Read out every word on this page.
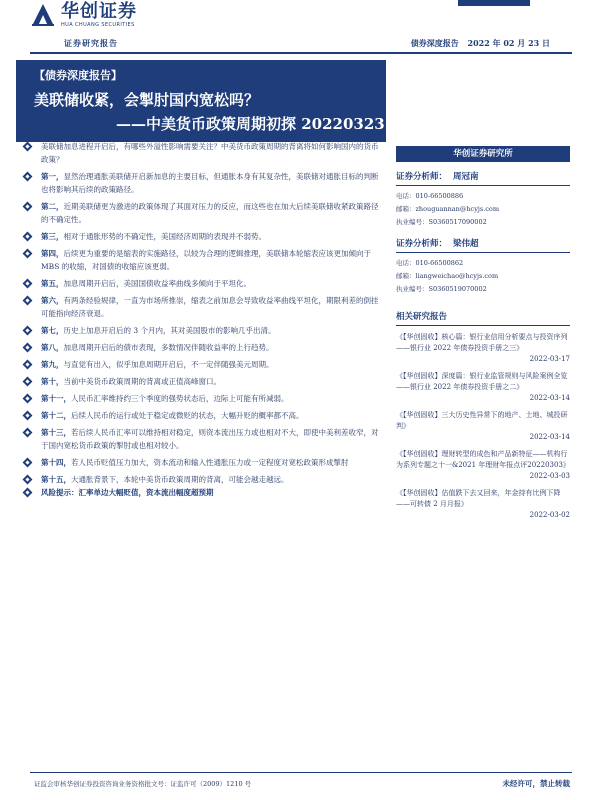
华创证券
HUA CHUANG SECURITIES
证券研究报告	债券深度报告 2022 年 02 月 23 日
【债券深度报告】
美联储收紧，会掣肘国内宽松吗？
——中美货币政策周期初探 20220323
美联储加息进程开启后，有哪些外溢性影响需要关注？中美货币政策周期的背离将如何影响国内的货币政策？
第一，显然治理通胀美联储开启新加息的主要目标，但通胀本身有其复杂性，美联储对通胀目标的判断也将影响其后续的政策路径。
第二，近期美联储更为激进的政策体现了其面对压力的反应，而这些也在加大后续美联储收紧政策路径的不确定性。
第三，相对于通胀形势的不确定性，美国经济周期的表现并不弱势。
第四，后续更为重要的是缩表的实施路径，以较为合理的逻辑推理，美联储本轮缩表应该更加倾向于 MBS 的收缩，对国债的收缩应该更弱。
第五，加息周期开启后，美国国债收益率曲线多倾向于平坦化。
第六，有两条经验规律，一直为市场所推崇，缩表之前加息会导致收益率曲线平坦化，期限利差的倒挂可能指向经济衰退。
第七，历史上加息开启后的 3 个月内，其对美国股市的影响几乎出清。
第八，加息周期开启后的债市表现，多数情况伴随收益率的上行趋势。
第九，与直觉有出入，似乎加息周期开启后，不一定伴随强美元周期。
第十，当前中美货币政策周期的背离或正值高峰窗口。
第十一，人民币汇率维持约三个季度的强势状态后，边际上可能有所减弱。
第十二，后续人民币的运行或处于稳定或微贬的状态，大幅升贬的概率都不高。
第十三，若后续人民币汇率可以维持相对稳定，则资本流出压力或也相对不大，即使中美利差收窄，对于国内宽松货币政策的掣肘或也相对较小。
第十四，若人民币贬值压力加大，资本流动和输入性通胀压力或一定程度对宽松政策形成掣肘
第十五，大通胀背景下，本轮中美货币政策周期的背离，可能会越走越远。
风险提示：汇率单边大幅贬值，资本流出幅度超预期
华创证券研究所
证券分析师： 周冠南
电话：010-66500886
邮箱：zhouguannan@hcyjs.com
执业编号：S0360517090002
证券分析师： 梁伟超
电话：010-66500862
邮箱：liangweichao@hcyjs.com
执业编号：S0360519070002
相关研究报告
《【华创固收】核心篇：银行业信用分析要点与投资序列——银行业 2022 年债券投资手册之三》
2022-03-17
《【华创固收】深度篇：银行业监管规则与风险案例全览——银行业 2022 年债券投资手册之二》
2022-03-14
《【华创固收】三大历史性异常下的地产、土地、城投研判》
2022-03-14
《【华创固收】理财转型的成色和产品新特征——机构行为系列专题之十一&2021 年理财年报点评20220303》
2022-03-03
《【华创固收】估值跌下去又回来，年金持有比例下降——可转债 2 月月报》
2022-03-02
证监会审核华创证券投资咨询业务资格批文号：证监许可（2009）1210 号	未经许可，禁止转载
